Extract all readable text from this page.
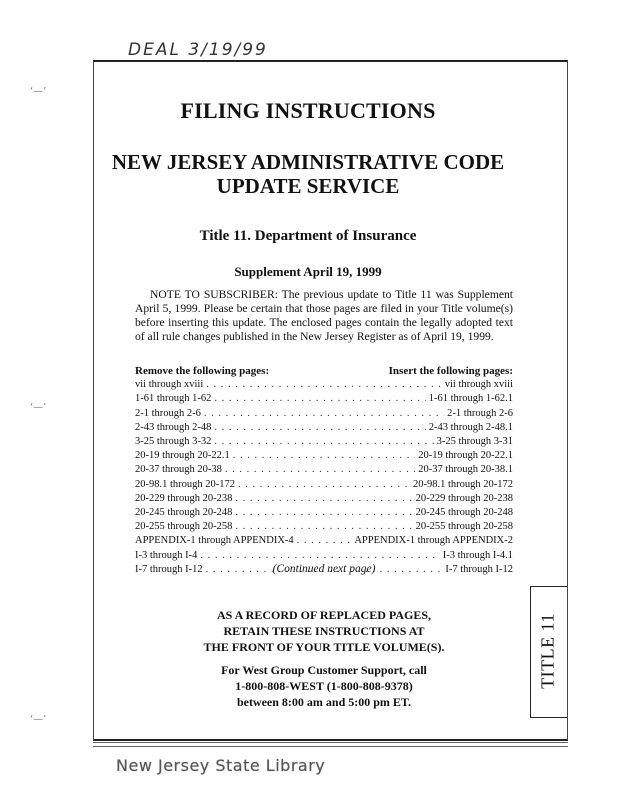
DEAL 3/19/99
‘—’
‘—’
‘—’
FILING INSTRUCTIONS
NEW JERSEY ADMINISTRATIVE CODE
UPDATE SERVICE
Title 11. Department of Insurance
Supplement April 19, 1999
NOTE TO SUBSCRIBER: The previous update to Title 11 was Supplement April 5, 1999. Please be certain that those pages are filed in your Title volume(s) before inserting this update. The enclosed pages contain the legally adopted text of all rule changes published in the New Jersey Register as of April 19, 1999.
Remove the following pages:	Insert the following pages:
vii through xviii . . .	vii through xviii
1-61 through 1-62 . . .	1-61 through 1-62.1
2-1 through 2-6 . . .	2-1 through 2-6
2-43 through 2-48 . . .	2-43 through 2-48.1
3-25 through 3-32 . . .	3-25 through 3-31
20-19 through 20-22.1 . . .	20-19 through 20-22.1
20-37 through 20-38 . . .	20-37 through 20-38.1
20-98.1 through 20-172 . . .	20-98.1 through 20-172
20-229 through 20-238 . . .	20-229 through 20-238
20-245 through 20-248 . . .	20-245 through 20-248
20-255 through 20-258 . . .	20-255 through 20-258
APPENDIX-1 through APPENDIX-4 . . .	APPENDIX-1 through APPENDIX-2
I-3 through I-4 . . .	I-3 through I-4.1
I-7 through I-12 . . .	I-7 through I-12
(Continued next page)
AS A RECORD OF REPLACED PAGES,
RETAIN THESE INSTRUCTIONS AT
THE FRONT OF YOUR TITLE VOLUME(S).
For West Group Customer Support, call
1-800-808-WEST (1-800-808-9378)
between 8:00 am and 5:00 pm ET.
TITLE 11
New Jersey State Library
